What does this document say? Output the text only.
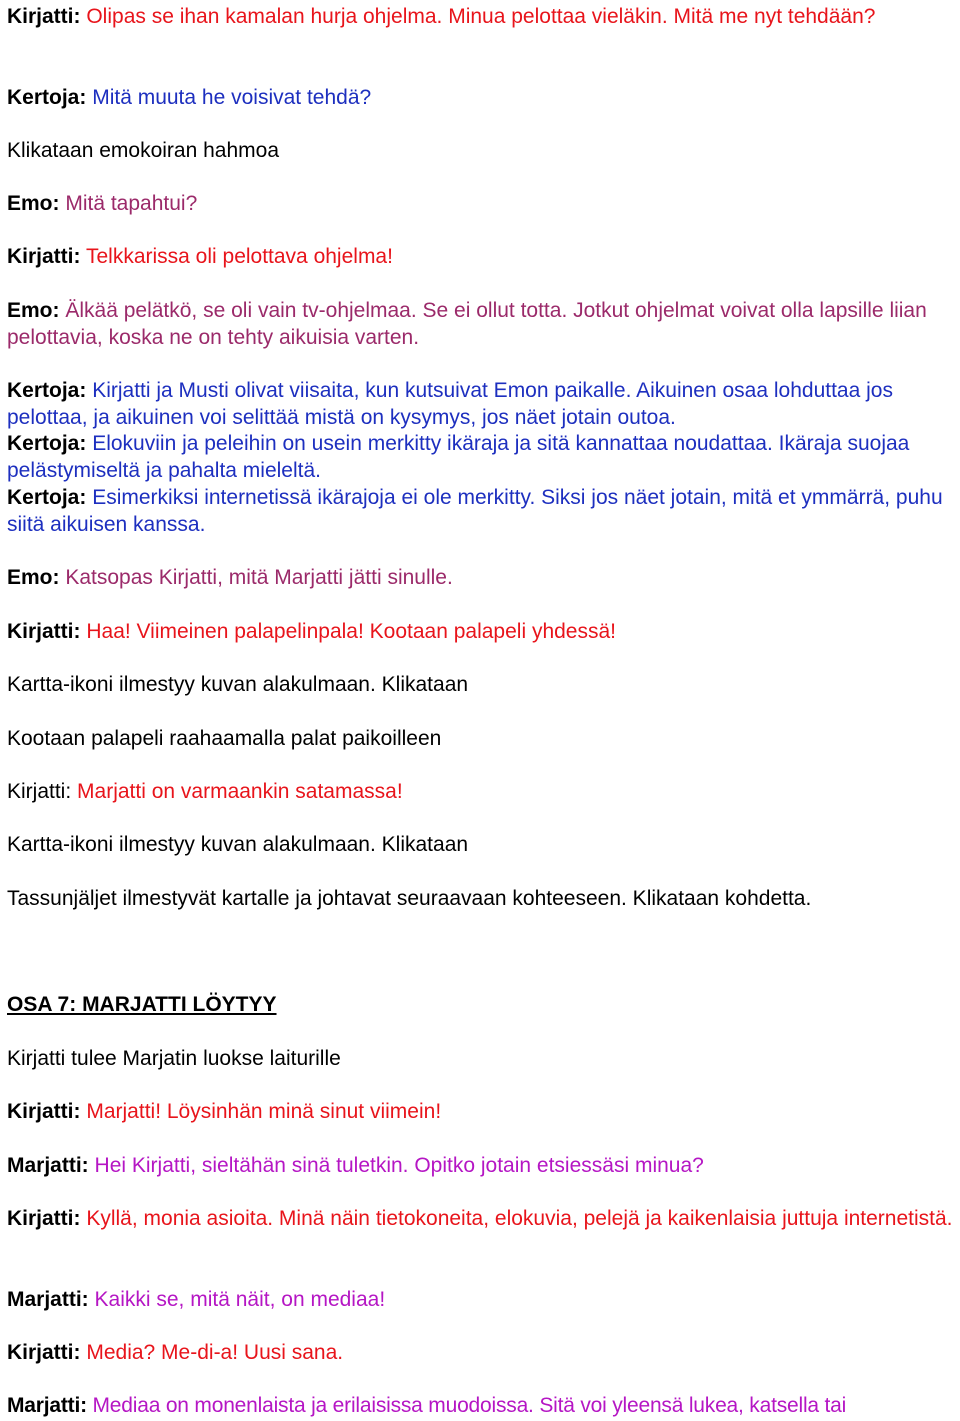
Kirjatti: Olipas se ihan kamalan hurja ohjelma. Minua pelottaa vieläkin. Mitä me nyt tehdään?

Kertoja: Mitä muuta he voisivat tehdä?

Klikataan emokoiran hahmoa

Emo: Mitä tapahtui?

Kirjatti: Telkkarissa oli pelottava ohjelma!

Emo: Älkää pelätkö, se oli vain tv-ohjelmaa. Se ei ollut totta. Jotkut ohjelmat voivat olla lapsille liian pelottavia, koska ne on tehty aikuisia varten.

Kertoja: Kirjatti ja Musti olivat viisaita, kun kutsuivat Emon paikalle. Aikuinen osaa lohduttaa jos pelottaa, ja aikuinen voi selittää mistä on kysymys, jos näet jotain outoa.

Kertoja: Elokuviin ja peleihin on usein merkitty ikäraja ja sitä kannattaa noudattaa. Ikäraja suojaa pelästymiseltä ja pahalta mieleltä.

Kertoja: Esimerkiksi internetissä ikärajoja ei ole merkitty. Siksi jos näet jotain, mitä et ymmärrä, puhu siitä aikuisen kanssa.

Emo: Katsopas Kirjatti, mitä Marjatti jätti sinulle.

Kirjatti: Haa! Viimeinen palapelinpala! Kootaan palapeli yhdessä!

Kartta-ikoni ilmestyy kuvan alakulmaan. Klikataan

Kootaan palapeli raahaamalla palat paikoilleen

Kirjatti: Marjatti on varmaankin satamassa!

Kartta-ikoni ilmestyy kuvan alakulmaan. Klikataan

Tassunjäljet ilmestyvät kartalle ja johtavat seuraavaan kohteeseen. Klikataan kohdetta.

OSA 7: MARJATTI LÖYTYY

Kirjatti tulee Marjatin luokse laiturille

Kirjatti: Marjatti! Löysinhän minä sinut viimein!

Marjatti: Hei Kirjatti, sieltähän sinä tuletkin. Opitko jotain etsiessäsi minua?

Kirjatti: Kyllä, monia asioita. Minä näin tietokoneita, elokuvia, pelejä ja kaikenlaisia juttuja internetistä.

Marjatti: Kaikki se, mitä näit, on mediaa!

Kirjatti: Media? Me-di-a! Uusi sana.

Marjatti: Mediaa on monenlaista ja erilaisissa muodoissa. Sitä voi yleensä lukea, katsella tai
